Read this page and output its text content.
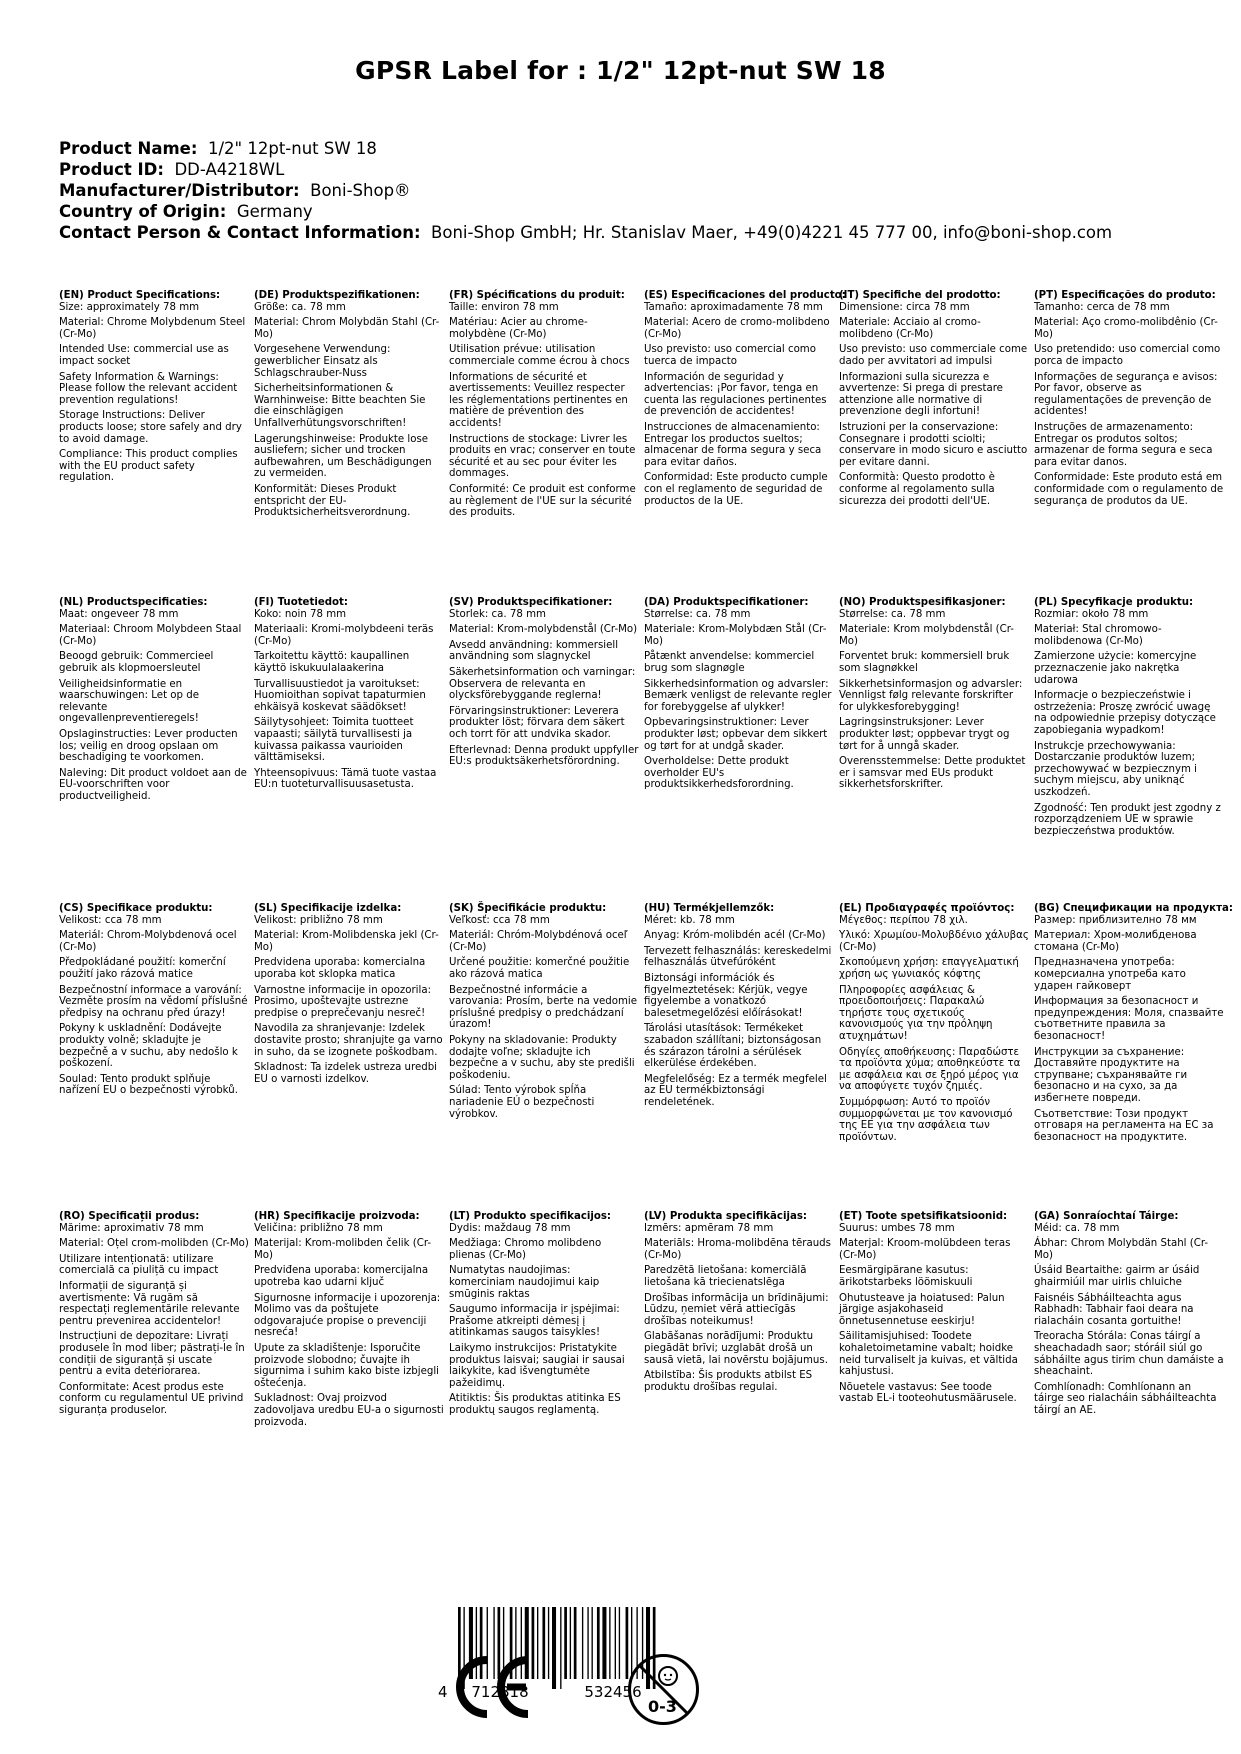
GPSR Label for : 1/2" 12pt-nut SW 18
Product Name:  1/2" 12pt-nut SW 18
Product ID:  DD-A4218WL
Manufacturer/Distributor:  Boni-Shop®
Country of Origin:  Germany
Contact Person & Contact Information:  Boni-Shop GmbH; Hr. Stanislav Maer, +49(0)4221 45 777 00, info@boni-shop.com
(EN) Product Specifications:
Size: approximately 78 mm
Material: Chrome Molybdenum Steel (Cr-Mo)
Intended Use: commercial use as impact socket
Safety Information & Warnings: Please follow the relevant accident prevention regulations!
Storage Instructions: Deliver products loose; store safely and dry to avoid damage.
Compliance: This product complies with the EU product safety regulation.
(DE) Produktspezifikationen:
Größe: ca. 78 mm
Material: Chrom Molybdän Stahl (Cr-Mo)
Vorgesehene Verwendung: gewerblicher Einsatz als Schlagschrauber-Nuss
Sicherheitsinformationen & Warnhinweise: Bitte beachten Sie die einschlägigen Unfallverhütungsvorschriften!
Lagerungshinweise: Produkte lose ausliefern; sicher und trocken aufbewahren, um Beschädigungen zu vermeiden.
Konformität: Dieses Produkt entspricht der EU-Produktsicherheitsverordnung.
(FR) Spécifications du produit:
Taille: environ 78 mm
Matériau: Acier au chrome-molybdène (Cr-Mo)
Utilisation prévue: utilisation commerciale comme écrou à chocs
Informations de sécurité et avertissements: Veuillez respecter les réglementations pertinentes en matière de prévention des accidents!
Instructions de stockage: Livrer les produits en vrac; conserver en toute sécurité et au sec pour éviter les dommages.
Conformité: Ce produit est conforme au règlement de l'UE sur la sécurité des produits.
(ES) Especificaciones del producto:
Tamaño: aproximadamente 78 mm
Material: Acero de cromo-molibdeno (Cr-Mo)
Uso previsto: uso comercial como tuerca de impacto
Información de seguridad y advertencias: ¡Por favor, tenga en cuenta las regulaciones pertinentes de prevención de accidentes!
Instrucciones de almacenamiento: Entregar los productos sueltos; almacenar de forma segura y seca para evitar daños.
Conformidad: Este producto cumple con el reglamento de seguridad de productos de la UE.
(IT) Specifiche del prodotto:
Dimensione: circa 78 mm
Materiale: Acciaio al cromo-molibdeno (Cr-Mo)
Uso previsto: uso commerciale come dado per avvitatori ad impulsi
Informazioni sulla sicurezza e avvertenze: Si prega di prestare attenzione alle normative di prevenzione degli infortuni!
Istruzioni per la conservazione: Consegnare i prodotti sciolti; conservare in modo sicuro e asciutto per evitare danni.
Conformità: Questo prodotto è conforme al regolamento sulla sicurezza dei prodotti dell'UE.
(PT) Especificações do produto:
Tamanho: cerca de 78 mm
Material: Aço cromo-molibdênio (Cr-Mo)
Uso pretendido: uso comercial como porca de impacto
Informações de segurança e avisos: Por favor, observe as regulamentações de prevenção de acidentes!
Instruções de armazenamento: Entregar os produtos soltos; armazenar de forma segura e seca para evitar danos.
Conformidade: Este produto está em conformidade com o regulamento de segurança de produtos da UE.
(NL) Productspecificaties:
Maat: ongeveer 78 mm
Materiaal: Chroom Molybdeen Staal (Cr-Mo)
Beoogd gebruik: Commercieel gebruik als klopmoersleutel
Veiligheidsinformatie en waarschuwingen: Let op de relevante ongevallenpreventieregels!
Opslaginstructies: Lever producten los; veilig en droog opslaan om beschadiging te voorkomen.
Naleving: Dit product voldoet aan de EU-voorschriften voor productveiligheid.
(FI) Tuotetiedot:
Koko: noin 78 mm
Materiaali: Kromi-molybdeeni teräs (Cr-Mo)
Tarkoitettu käyttö: kaupallinen käyttö iskukuulalaakerina
Turvallisuustiedot ja varoitukset: Huomioithan sopivat tapaturmien ehkäisyä koskevat säädökset!
Säilytysohjeet: Toimita tuotteet vapaasti; säilytä turvallisesti ja kuivassa paikassa vaurioiden välttämiseksi.
Yhteensopivuus: Tämä tuote vastaa EU:n tuoteturvallisuusasetusta.
(SV) Produktspecifikationer:
Storlek: ca. 78 mm
Material: Krom-molybdenstål (Cr-Mo)
Avsedd användning: kommersiell användning som slagnyckel
Säkerhetsinformation och varningar: Observera de relevanta en olycksförebyggande reglerna!
Förvaringsinstruktioner: Leverera produkter löst; förvara dem säkert och torrt för att undvika skador.
Efterlevnad: Denna produkt uppfyller EU:s produktsäkerhetsförordning.
(DA) Produktspecifikationer:
Størrelse: ca. 78 mm
Materiale: Krom-Molybdæn Stål (Cr-Mo)
Påtænkt anvendelse: kommerciel brug som slagnøgle
Sikkerhedsinformation og advarsler: Bemærk venligst de relevante regler for forebyggelse af ulykker!
Opbevaringsinstruktioner: Lever produkter løst; opbevar dem sikkert og tørt for at undgå skader.
Overholdelse: Dette produkt overholder EU's produktsikkerhedsforordning.
(NO) Produktspesifikasjoner:
Størrelse: ca. 78 mm
Materiale: Krom molybdenstål (Cr-Mo)
Forventet bruk: kommersiell bruk som slagnøkkel
Sikkerhetsinformasjon og advarsler: Vennligst følg relevante forskrifter for ulykkesforebygging!
Lagringsinstruksjoner: Lever produkter løst; oppbevar trygt og tørt for å unngå skader.
Overensstemmelse: Dette produktet er i samsvar med EUs produkt sikkerhetsforskrifter.
(PL) Specyfikacje produktu:
Rozmiar: około 78 mm
Materiał: Stal chromowo-molibdenowa (Cr-Mo)
Zamierzone użycie: komercyjne przeznaczenie jako nakrętka udarowa
Informacje o bezpieczeństwie i ostrzeżenia: Proszę zwrócić uwagę na odpowiednie przepisy dotyczące zapobiegania wypadkom!
Instrukcje przechowywania: Dostarczanie produktów luzem; przechowywać w bezpiecznym i suchym miejscu, aby uniknąć uszkodzeń.
Zgodność: Ten produkt jest zgodny z rozporządzeniem UE w sprawie bezpieczeństwa produktów.
(CS) Specifikace produktu:
Velikost: cca 78 mm
Materiál: Chrom-Molybdenová ocel (Cr-Mo)
Předpokládané použití: komerční použití jako rázová matice
Bezpečnostní informace a varování: Vezměte prosím na vědomí příslušné předpisy na ochranu před úrazy!
Pokyny k uskladnění: Dodávejte produkty volně; skladujte je bezpečně a v suchu, aby nedošlo k poškození.
Soulad: Tento produkt splňuje nařízení EU o bezpečnosti výrobků.
(SL) Specifikacije izdelka:
Velikost: približno 78 mm
Material: Krom-Molibdenska jekl (Cr-Mo)
Predvidena uporaba: komercialna uporaba kot sklopka matica
Varnostne informacije in opozorila: Prosimo, upoštevajte ustrezne predpise o preprečevanju nesreč!
Navodila za shranjevanje: Izdelek dostavite prosto; shranjujte ga varno in suho, da se izognete poškodbam.
Skladnost: Ta izdelek ustreza uredbi EU o varnosti izdelkov.
(SK) Špecifikácie produktu:
Veľkosť: cca 78 mm
Materiál: Chróm-Molybdénová oceľ (Cr-Mo)
Určené použitie: komerčné použitie ako rázová matica
Bezpečnostné informácie a varovania: Prosím, berte na vedomie príslušné predpisy o predchádzaní úrazom!
Pokyny na skladovanie: Produkty dodajte voľne; skladujte ich bezpečne a v suchu, aby ste predišli poškodeniu.
Súlad: Tento výrobok spĺňa nariadenie EÚ o bezpečnosti výrobkov.
(HU) Termékjellemzők:
Méret: kb. 78 mm
Anyag: Króm-molibdén acél (Cr-Mo)
Tervezett felhasználás: kereskedelmi felhasználás ütvefúróként
Biztonsági információk és figyelmeztetések: Kérjük, vegye figyelembe a vonatkozó balesetmegelőzési előírásokat!
Tárolási utasítások: Termékeket szabadon szállítani; biztonságosan és szárazon tárolni a sérülések elkerülése érdekében.
Megfelelőség: Ez a termék megfelel az EU termékbiztonsági rendeletének.
(EL) Προδιαγραφές προϊόντος:
Μέγεθος: περίπου 78 χιλ.
Υλικό: Χρωμίου-Μολυβδένιο χάλυβας (Cr-Mo)
Σκοπούμενη χρήση: επαγγελματική χρήση ως γωνιακός κόφτης
Πληροφορίες ασφάλειας & προειδοποιήσεις: Παρακαλώ τηρήστε τους σχετικούς κανονισμούς για την πρόληψη ατυχημάτων!
Οδηγίες αποθήκευσης: Παραδώστε τα προϊόντα χύμα; αποθηκεύστε τα με ασφάλεια και σε ξηρό μέρος για να αποφύγετε τυχόν ζημιές.
Συμμόρφωση: Αυτό το προϊόν συμμορφώνεται με τον κανονισμό της ΕΕ για την ασφάλεια των προϊόντων.
(BG) Спецификации на продукта:
Размер: приблизително 78 мм
Материал: Хром-молибденова стомана (Cr-Mo)
Предназначена употреба: комерсиална употреба като ударен гайковерт
Информация за безопасност и предупреждения: Моля, спазвайте съответните правила за безопасност!
Инструкции за съхранение: Доставяйте продуктите на струпване; съхранявайте ги безопасно и на сухо, за да избегнете повреди.
Съответствие: Този продукт отговаря на регламента на ЕС за безопасност на продуктите.
(RO) Specificații produs:
Mărime: aproximativ 78 mm
Material: Oțel crom-molibden (Cr-Mo)
Utilizare intenționată: utilizare comercială ca piuliță cu impact
Informații de siguranță și avertismente: Vă rugăm să respectați reglementările relevante pentru prevenirea accidentelor!
Instrucțiuni de depozitare: Livrați produsele în mod liber; păstrați-le în condiții de siguranță și uscate pentru a evita deteriorarea.
Conformitate: Acest produs este conform cu regulamentul UE privind siguranța produselor.
(HR) Specifikacije proizvoda:
Veličina: približno 78 mm
Materijal: Krom-molibden čelik (Cr-Mo)
Predviđena uporaba: komercijalna upotreba kao udarni ključ
Sigurnosne informacije i upozorenja: Molimo vas da poštujete odgovarajuće propise o prevenciji nesreća!
Upute za skladištenje: Isporučite proizvode slobodno; čuvajte ih sigurnima i suhim kako biste izbjegli oštećenja.
Sukladnost: Ovaj proizvod zadovoljava uredbu EU-a o sigurnosti proizvoda.
(LT) Produkto specifikacijos:
Dydis: maždaug 78 mm
Medžiaga: Chromo molibdeno plienas (Cr-Mo)
Numatytas naudojimas: komerciniam naudojimui kaip smūginis raktas
Saugumo informacija ir įspėjimai: Prašome atkreipti dėmesį į atitinkamas saugos taisykles!
Laikymo instrukcijos: Pristatykite produktus laisvai; saugiai ir sausai laikykite, kad išvengtumėte pažeidimų.
Atitiktis: Šis produktas atitinka ES produktų saugos reglamentą.
(LV) Produkta specifikācijas:
Izmērs: apmēram 78 mm
Materiāls: Hroma-molibdēna tērauds (Cr-Mo)
Paredzētā lietošana: komerciālā lietošana kā triecienatslēga
Drošības informācija un brīdinājumi: Lūdzu, ņemiet vērā attiecīgās drošības noteikumus!
Glabāšanas norādījumi: Produktu piegādāt brīvi; uzglabāt drošā un sausā vietā, lai novērstu bojājumus.
Atbilstība: Šis produkts atbilst ES produktu drošības regulai.
(ET) Toote spetsifikatsioonid:
Suurus: umbes 78 mm
Materjal: Kroom-molübdeen teras (Cr-Mo)
Eesmärgipärane kasutus: ärikotstarbeks löömiskuuli
Ohutusteave ja hoiatused: Palun järgige asjakohaseid õnnetusennetuse eeskirju!
Säilitamisjuhised: Toodete kohaletoimetamine vabalt; hoidke neid turvaliselt ja kuivas, et vältida kahjustusi.
Nõuetele vastavus: See toode vastab EL-i tooteohutusmäärusele.
(GA) Sonraíochtaí Táirge:
Méid: ca. 78 mm
Ábhar: Chrom Molybdän Stahl (Cr-Mo)
Úsáid Beartaithe: gairm ar úsáid ghairmiúil mar uirlis chluiche
Faisnéis Sábháilteachta agus Rabhadh: Tabhair faoi deara na rialacháin cosanta gortuithe!
Treoracha Stórála: Conas táirgí a sheachadadh saor; stóráil siúl go sábháilte agus tirim chun damáiste a sheachaint.
Comhlíonadh: Comhlíonann an táirge seo rialacháin sábháilteachta táirgí an AE.
4 712818	532456
0-3
